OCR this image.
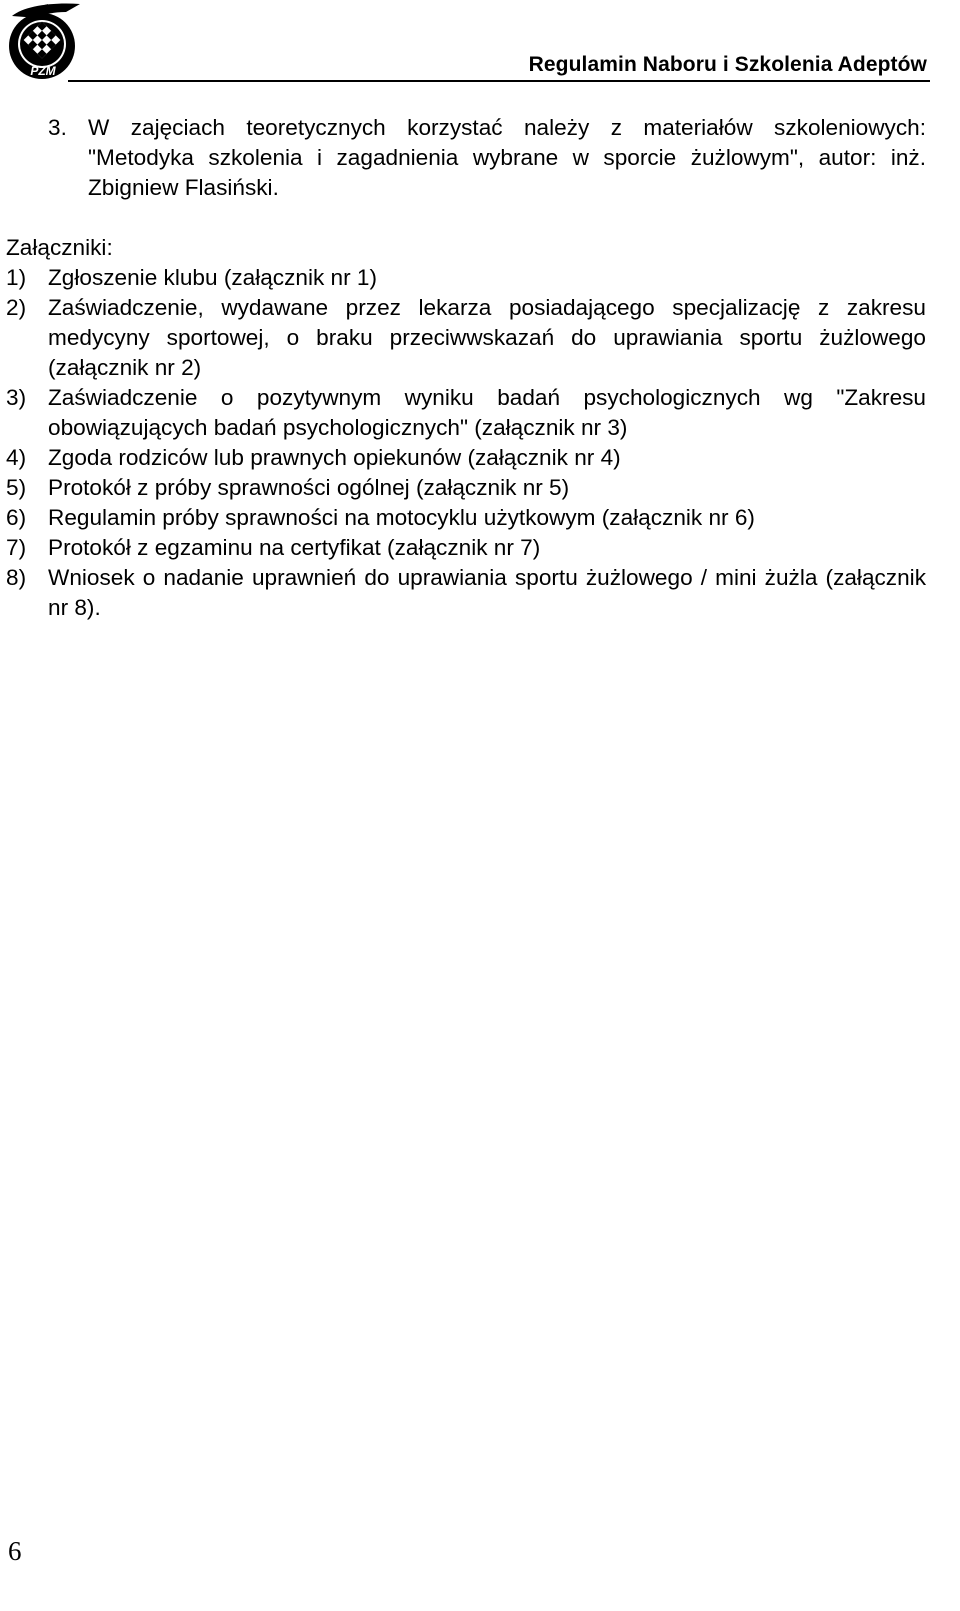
PZM	Regulamin Naboru i Szkolenia Adeptów
3. W zajęciach teoretycznych korzystać należy z materiałów szkoleniowych: "Metodyka szkolenia i zagadnienia wybrane w sporcie żużlowym", autor: inż. Zbigniew Flasiński.
Załączniki:
1) Zgłoszenie klubu (załącznik nr 1)
2) Zaświadczenie, wydawane przez lekarza posiadającego specjalizację z zakresu medycyny sportowej, o braku przeciwwskazań do uprawiania sportu żużlowego (załącznik nr 2)
3) Zaświadczenie o pozytywnym wyniku badań psychologicznych wg "Zakresu obowiązujących badań psychologicznych" (załącznik nr 3)
4) Zgoda rodziców lub prawnych opiekunów (załącznik nr 4)
5) Protokół z próby sprawności ogólnej (załącznik nr 5)
6) Regulamin próby sprawności na motocyklu użytkowym (załącznik nr 6)
7) Protokół z egzaminu na certyfikat (załącznik nr 7)
8) Wniosek o nadanie uprawnień do uprawiania sportu żużlowego / mini żużla (załącznik nr 8).
6
